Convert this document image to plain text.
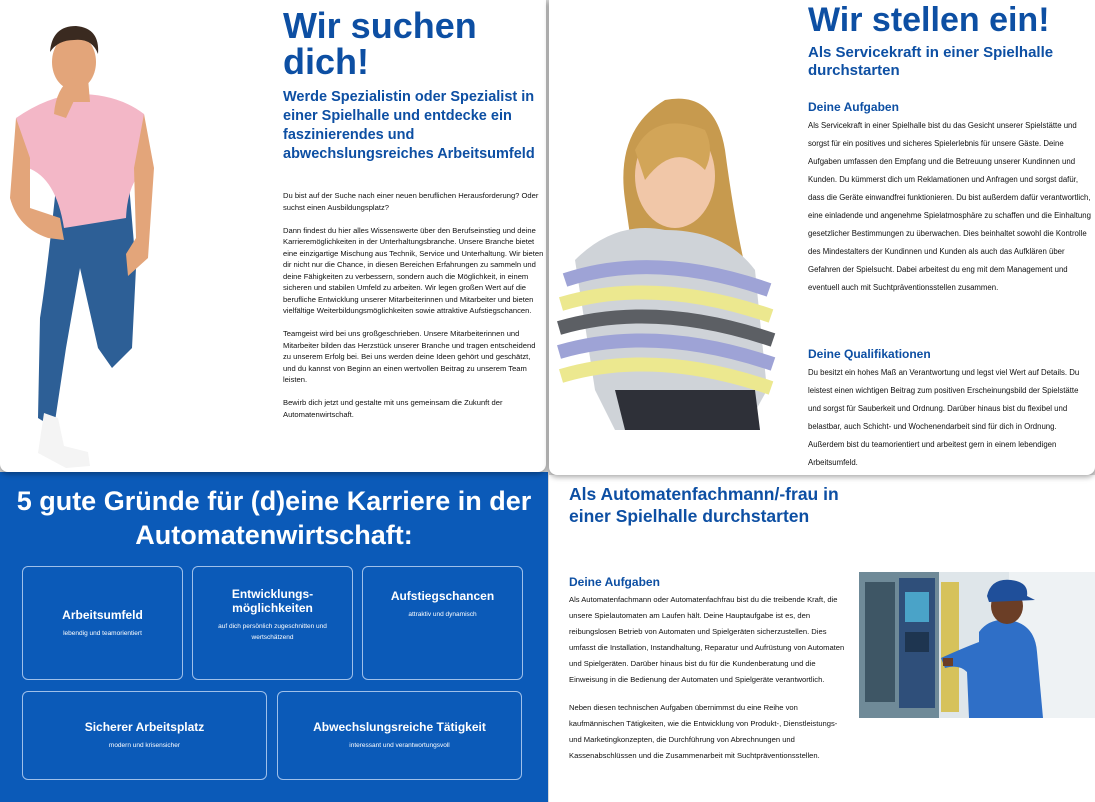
Wir suchen dich!
Werde Spezialistin oder Spezialist in einer Spielhalle und entdecke ein faszinierendes und abwechslungsreiches Arbeitsumfeld

Du bist auf der Suche nach einer neuen beruflichen Herausforderung? Oder suchst einen Ausbildungsplatz?

Dann findest du hier alles Wissenswerte über den Berufseinstieg und deine Karrieremöglichkeiten in der Unterhaltungsbranche. Unsere Branche bietet eine einzigartige Mischung aus Technik, Service und Unterhaltung. Wir bieten dir nicht nur die Chance, in diesen Bereichen Erfahrungen zu sammeln und deine Fähigkeiten zu verbessern, sondern auch die Möglichkeit, in einem sicheren und stabilen Umfeld zu arbeiten. Wir legen großen Wert auf die berufliche Entwicklung unserer Mitarbeiterinnen und Mitarbeiter und bieten vielfältige Weiterbildungsmöglichkeiten sowie attraktive Aufstiegschancen.

Teamgeist wird bei uns großgeschrieben. Unsere Mitarbeiterinnen und Mitarbeiter bilden das Herzstück unserer Branche und tragen entscheidend zu unserem Erfolg bei. Bei uns werden deine Ideen gehört und geschätzt, und du kannst von Beginn an einen wertvollen Beitrag zu unserem Team leisten.

Bewirb dich jetzt und gestalte mit uns gemeinsam die Zukunft der Automatenwirtschaft.

Wir stellen ein!
Als Servicekraft in einer Spielhalle durchstarten
Deine Aufgaben

Als Servicekraft in einer Spielhalle bist du das Gesicht unserer Spielstätte und sorgst für ein positives und sicheres Spielerlebnis für unsere Gäste. Deine Aufgaben umfassen den Empfang und die Betreuung unserer Kundinnen und Kunden. Du kümmerst dich um Reklamationen und Anfragen und sorgst dafür, dass die Geräte einwandfrei funktionieren. Du bist außerdem dafür verantwortlich, eine einladende und angenehme Spielatmosphäre zu schaffen und die Einhaltung gesetzlicher Bestimmungen zu überwachen. Dies beinhaltet sowohl die Kontrolle des Mindestalters der Kundinnen und Kunden als auch das Aufklären über Gefahren der Spielsucht. Dabei arbeitest du eng mit dem Management und eventuell auch mit Suchtpräventionsstellen zusammen.

Deine Qualifikationen

Du besitzt ein hohes Maß an Verantwortung und legst viel Wert auf Details. Du leistest einen wichtigen Beitrag zum positiven Erscheinungsbild der Spielstätte und sorgst für Sauberkeit und Ordnung. Darüber hinaus bist du flexibel und belastbar, auch Schicht- und Wochenendarbeit sind für dich in Ordnung. Außerdem bist du teamorientiert und arbeitest gern in einem lebendigen Arbeitsumfeld.

5 gute Gründe für (d)eine Karriere in der Automatenwirtschaft:
Arbeitsumfeld
lebendig und teamorientiert
Entwicklungs-möglichkeiten
auf dich persönlich zugeschnitten und wertschätzend
Aufstiegschancen
attraktiv und dynamisch
Sicherer Arbeitsplatz
modern und krisensicher
Abwechslungsreiche Tätigkeit
interessant und verantwortungsvoll
Als Automatenfachmann/-frau in einer Spielhalle durchstarten
Deine Aufgaben

Als Automatenfachmann oder Automatenfachfrau bist du die treibende Kraft, die unsere Spielautomaten am Laufen hält. Deine Hauptaufgabe ist es, den reibungslosen Betrieb von Automaten und Spielgeräten sicherzustellen. Dies umfasst die Installation, Instandhaltung, Reparatur und Aufrüstung von Automaten und Spielgeräten. Darüber hinaus bist du für die Kundenberatung und die Einweisung in die Bedienung der Automaten und Spielgeräte verantwortlich.

Neben diesen technischen Aufgaben übernimmst du eine Reihe von kaufmännischen Tätigkeiten, wie die Entwicklung von Produkt-, Dienstleistungs- und Marketingkonzepten, die Durchführung von Abrechnungen und Kassenabschlüssen und die Zusammenarbeit mit Suchtpräventionsstellen.
